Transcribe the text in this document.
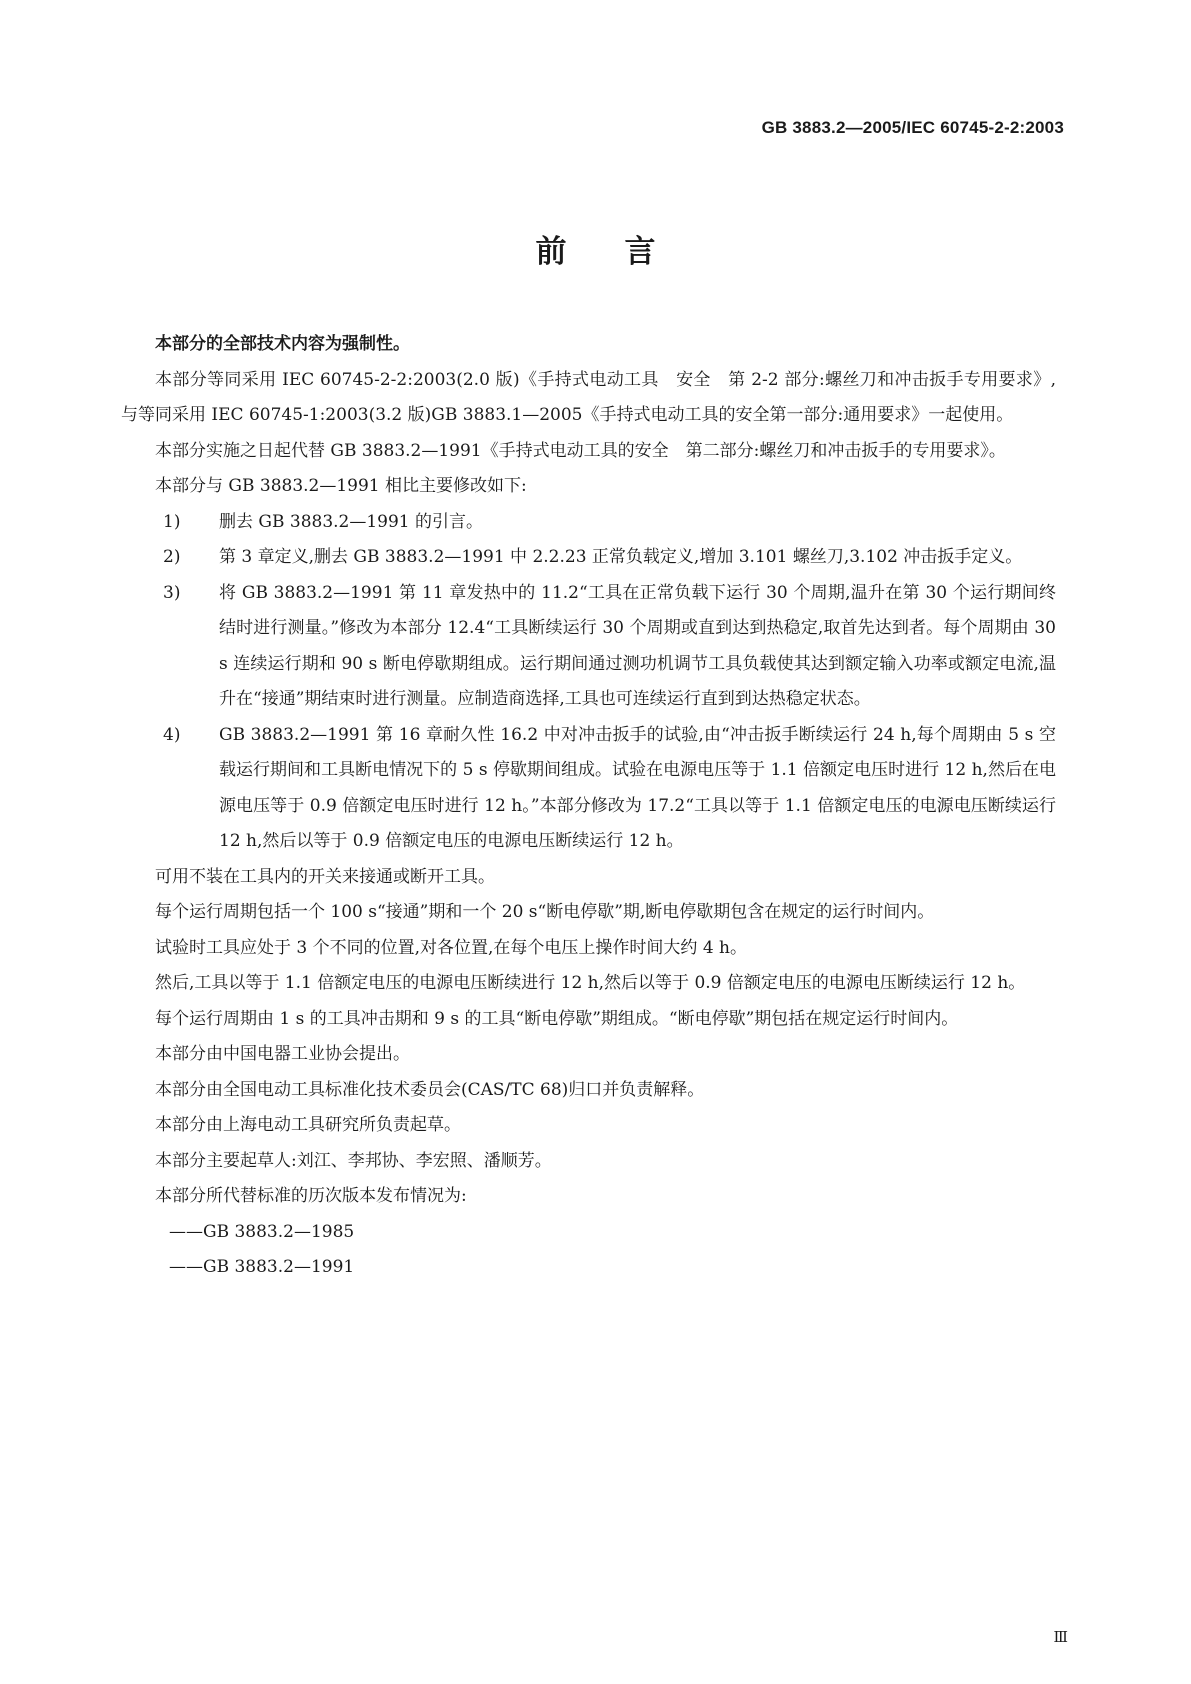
GB 3883.2—2005/IEC 60745-2-2:2003
前言

本部分的全部技术内容为强制性。

本部分等同采用 IEC 60745-2-2:2003(2.0 版)《手持式电动工具　安全　第 2-2 部分:螺丝刀和冲击扳手专用要求》,与等同采用 IEC 60745-1:2003(3.2 版)GB 3883.1—2005《手持式电动工具的安全第一部分:通用要求》一起使用。

本部分实施之日起代替 GB 3883.2—1991《手持式电动工具的安全　第二部分:螺丝刀和冲击扳手的专用要求》。

本部分与 GB 3883.2—1991 相比主要修改如下:

1)	删去 GB 3883.2—1991 的引言。
2)	第 3 章定义,删去 GB 3883.2—1991 中 2.2.23 正常负载定义,增加 3.101 螺丝刀,3.102 冲击扳手定义。
3)	将 GB 3883.2—1991 第 11 章发热中的 11.2“工具在正常负载下运行 30 个周期,温升在第 30 个运行期间终结时进行测量。”修改为本部分 12.4“工具断续运行 30 个周期或直到达到热稳定,取首先达到者。每个周期由 30 s 连续运行期和 90 s 断电停歇期组成。运行期间通过测功机调节工具负载使其达到额定输入功率或额定电流,温升在“接通”期结束时进行测量。应制造商选择,工具也可连续运行直到到达热稳定状态。
4)	GB 3883.2—1991 第 16 章耐久性 16.2 中对冲击扳手的试验,由“冲击扳手断续运行 24 h,每个周期由 5 s 空载运行期间和工具断电情况下的 5 s 停歇期间组成。试验在电源电压等于 1.1 倍额定电压时进行 12 h,然后在电源电压等于 0.9 倍额定电压时进行 12 h。”本部分修改为 17.2“工具以等于 1.1 倍额定电压的电源电压断续运行 12 h,然后以等于 0.9 倍额定电压的电源电压断续运行 12 h。

可用不装在工具内的开关来接通或断开工具。

每个运行周期包括一个 100 s“接通”期和一个 20 s“断电停歇”期,断电停歇期包含在规定的运行时间内。

试验时工具应处于 3 个不同的位置,对各位置,在每个电压上操作时间大约 4 h。

然后,工具以等于 1.1 倍额定电压的电源电压断续进行 12 h,然后以等于 0.9 倍额定电压的电源电压断续运行 12 h。

每个运行周期由 1 s 的工具冲击期和 9 s 的工具“断电停歇”期组成。“断电停歇”期包括在规定运行时间内。

本部分由中国电器工业协会提出。

本部分由全国电动工具标准化技术委员会(CAS/TC 68)归口并负责解释。

本部分由上海电动工具研究所负责起草。

本部分主要起草人:刘江、李邦协、李宏照、潘顺芳。

本部分所代替标准的历次版本发布情况为:

——GB 3883.2—1985
——GB 3883.2—1991
Ⅲ
